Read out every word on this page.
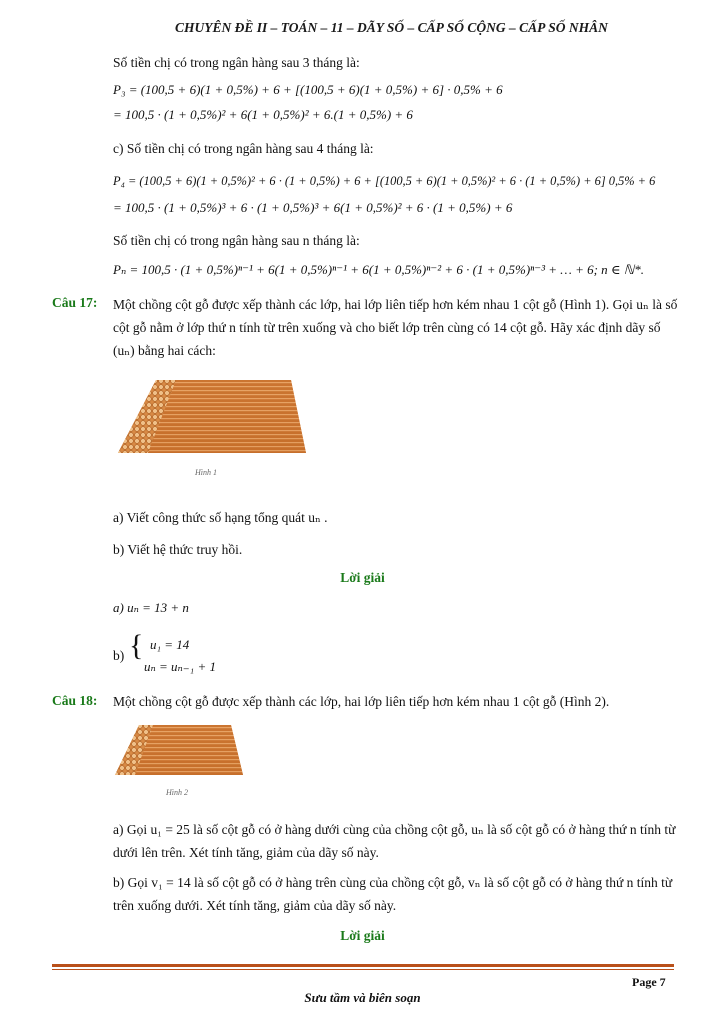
CHUYÊN ĐỀ II – TOÁN – 11 – DÃY SỐ – CẤP SỐ CỘNG – CẤP SỐ NHÂN
Số tiền chị có trong ngân hàng sau 3 tháng là:
P₃ = (100,5 + 6)(1 + 0,5%) + 6 + [(100,5 + 6)(1 + 0,5%) + 6] · 0,5% + 6
= 100,5 · (1 + 0,5%)² + 6(1 + 0,5%)² + 6.(1 + 0,5%) + 6
c) Số tiền chị có trong ngân hàng sau 4 tháng là:
P₄ = (100,5 + 6)(1 + 0,5%)² + 6 · (1 + 0,5%) + 6 + [(100,5 + 6)(1 + 0,5%)² + 6 · (1 + 0,5%) + 6] 0,5% + 6
= 100,5 · (1 + 0,5%)³ + 6 · (1 + 0,5%)³ + 6(1 + 0,5%)² + 6 · (1 + 0,5%) + 6
Số tiền chị có trong ngân hàng sau n tháng là:
Pₙ = 100,5 · (1 + 0,5%)ⁿ⁻¹ + 6(1 + 0,5%)ⁿ⁻¹ + 6(1 + 0,5%)ⁿ⁻² + 6 · (1 + 0,5%)ⁿ⁻³ + … + 6; n ∈ ℕ*.
Câu 17: Một chồng cột gỗ được xếp thành các lớp, hai lớp liên tiếp hơn kém nhau 1 cột gỗ (Hình 1). Gọi uₙ là số cột gỗ nằm ở lớp thứ n tính từ trên xuống và cho biết lớp trên cùng có 14 cột gỗ. Hãy xác định dãy số (uₙ) bằng hai cách:
Hình 1
a) Viết công thức số hạng tổng quát uₙ .
b) Viết hệ thức truy hồi.
Lời giải
a) uₙ = 13 + n
b) { u₁ = 14
uₙ = uₙ₋₁ + 1
Câu 18: Một chồng cột gỗ được xếp thành các lớp, hai lớp liên tiếp hơn kém nhau 1 cột gỗ (Hình 2).
Hình 2
a) Gọi u₁ = 25 là số cột gỗ có ở hàng dưới cùng của chồng cột gỗ, uₙ là số cột gỗ có ở hàng thứ n tính từ dưới lên trên. Xét tính tăng, giảm của dãy số này.
b) Gọi v₁ = 14 là số cột gỗ có ở hàng trên cùng của chồng cột gỗ, vₙ là số cột gỗ có ở hàng thứ n tính từ trên xuống dưới. Xét tính tăng, giảm của dãy số này.
Lời giải
Page 7
Sưu tầm và biên soạn
